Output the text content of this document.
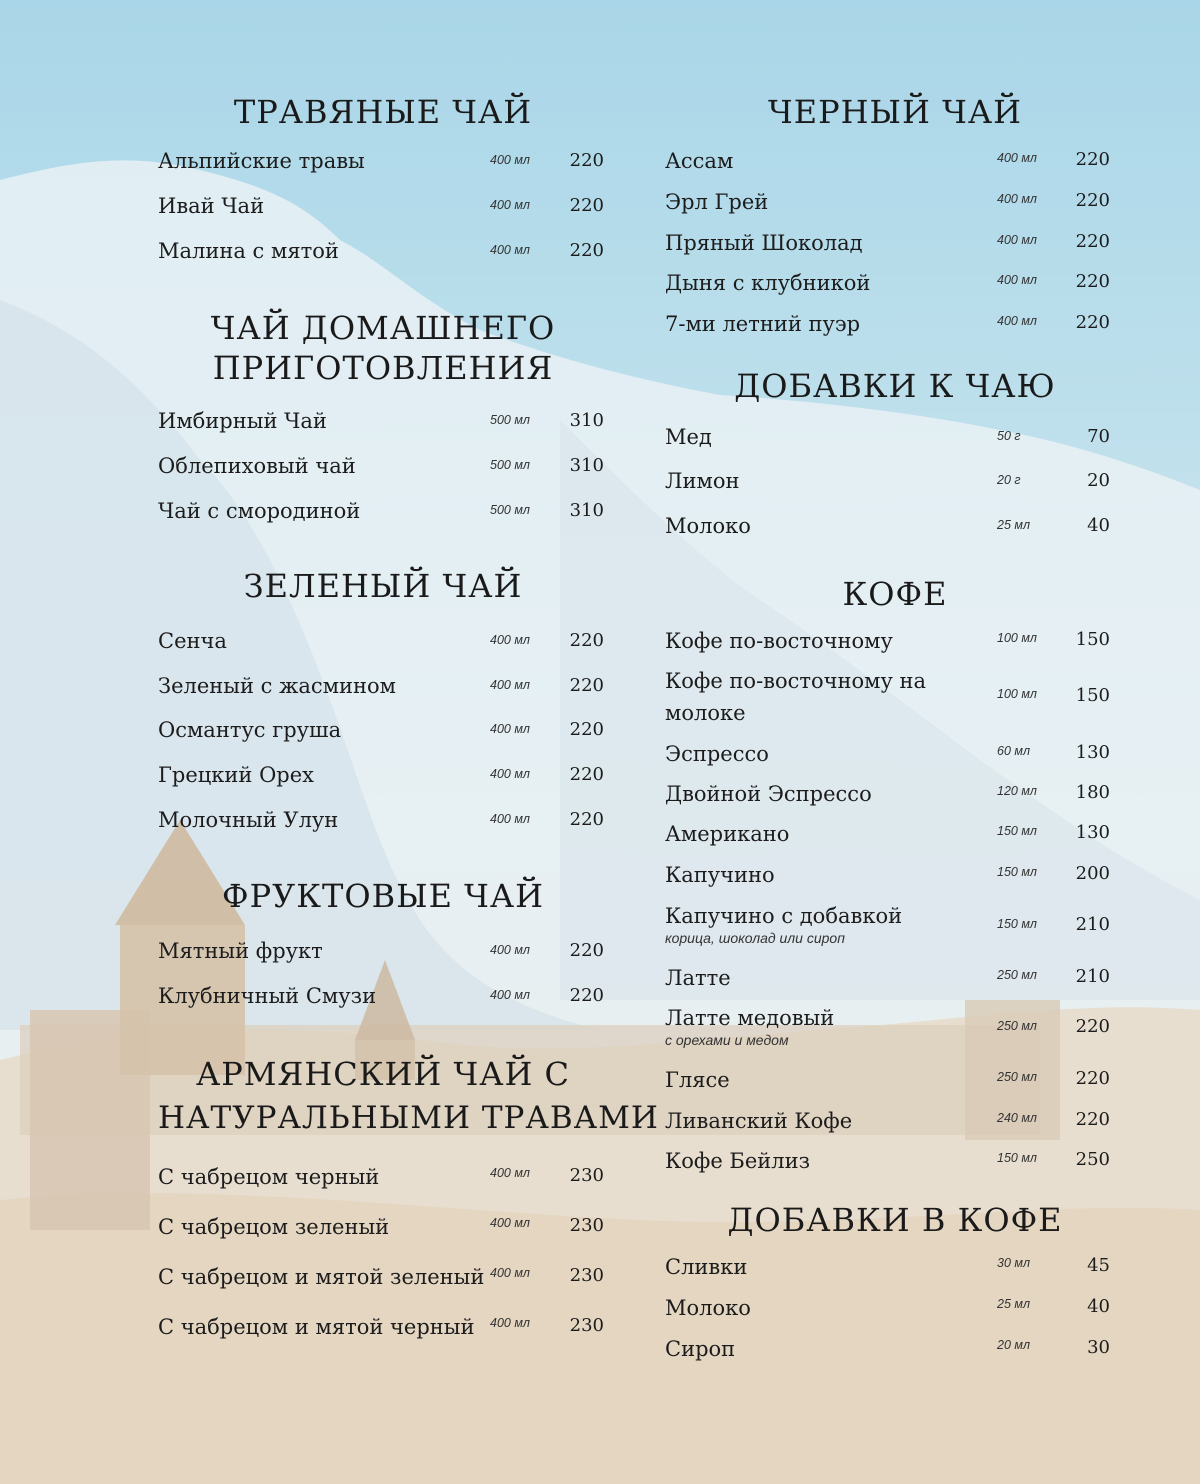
ТРАВЯНЫЕ ЧАЙ
Альпийские травы	400 мл	220
Ивай Чай	400 мл	220
Малина с мятой	400 мл	220
ЧАЙ ДОМАШНЕГО
ПРИГОТОВЛЕНИЯ
Имбирный Чай	500 мл	310
Облепиховый чай	500 мл	310
Чай с смородиной	500 мл	310
ЗЕЛЕНЫЙ ЧАЙ
Сенча	400 мл	220
Зеленый с жасмином	400 мл	220
Османтус груша	400 мл	220
Грецкий Орех	400 мл	220
Молочный Улун	400 мл	220
ФРУКТОВЫЕ ЧАЙ
Мятный фрукт	400 мл	220
Клубничный Смузи	400 мл	220
АРМЯНСКИЙ ЧАЙ С
НАТУРАЛЬНЫМИ ТРАВАМИ
С чабрецом черный	400 мл	230
С чабрецом зеленый	400 мл	230
С чабрецом и мятой зеленый 400 мл	230
С чабрецом и мятой черный 400 мл	230
ЧЕРНЫЙ ЧАЙ
Ассам	400 мл	220
Эрл Грей	400 мл	220
Пряный Шоколад	400 мл	220
Дыня с клубникой	400 мл	220
7-ми летний пуэр	400 мл	220
ДОБАВКИ К ЧАЮ
Мед	50 г	70
Лимон	20 г	20
Молоко	25 мл	40
КОФЕ
Кофе по-восточному	100 мл	150
Кофе по-восточному на молоке
100 мл	150
Эспрессо	60 мл	130
Двойной Эспрессо	120 мл	180
Американо	150 мл	130
Капучино	150 мл	200
Капучино с добавкой
корица, шоколад или сироп
150 мл	210
Латте	250 мл	210
Латте медовый
с орехами и медом
250 мл	220
Глясе	250 мл	220
Ливанский Кофе	240 мл	220
Кофе Бейлиз	150 мл	250
ДОБАВКИ В КОФЕ
Сливки	30 мл	45
Молоко	25 мл	40
Сироп	20 мл	30
